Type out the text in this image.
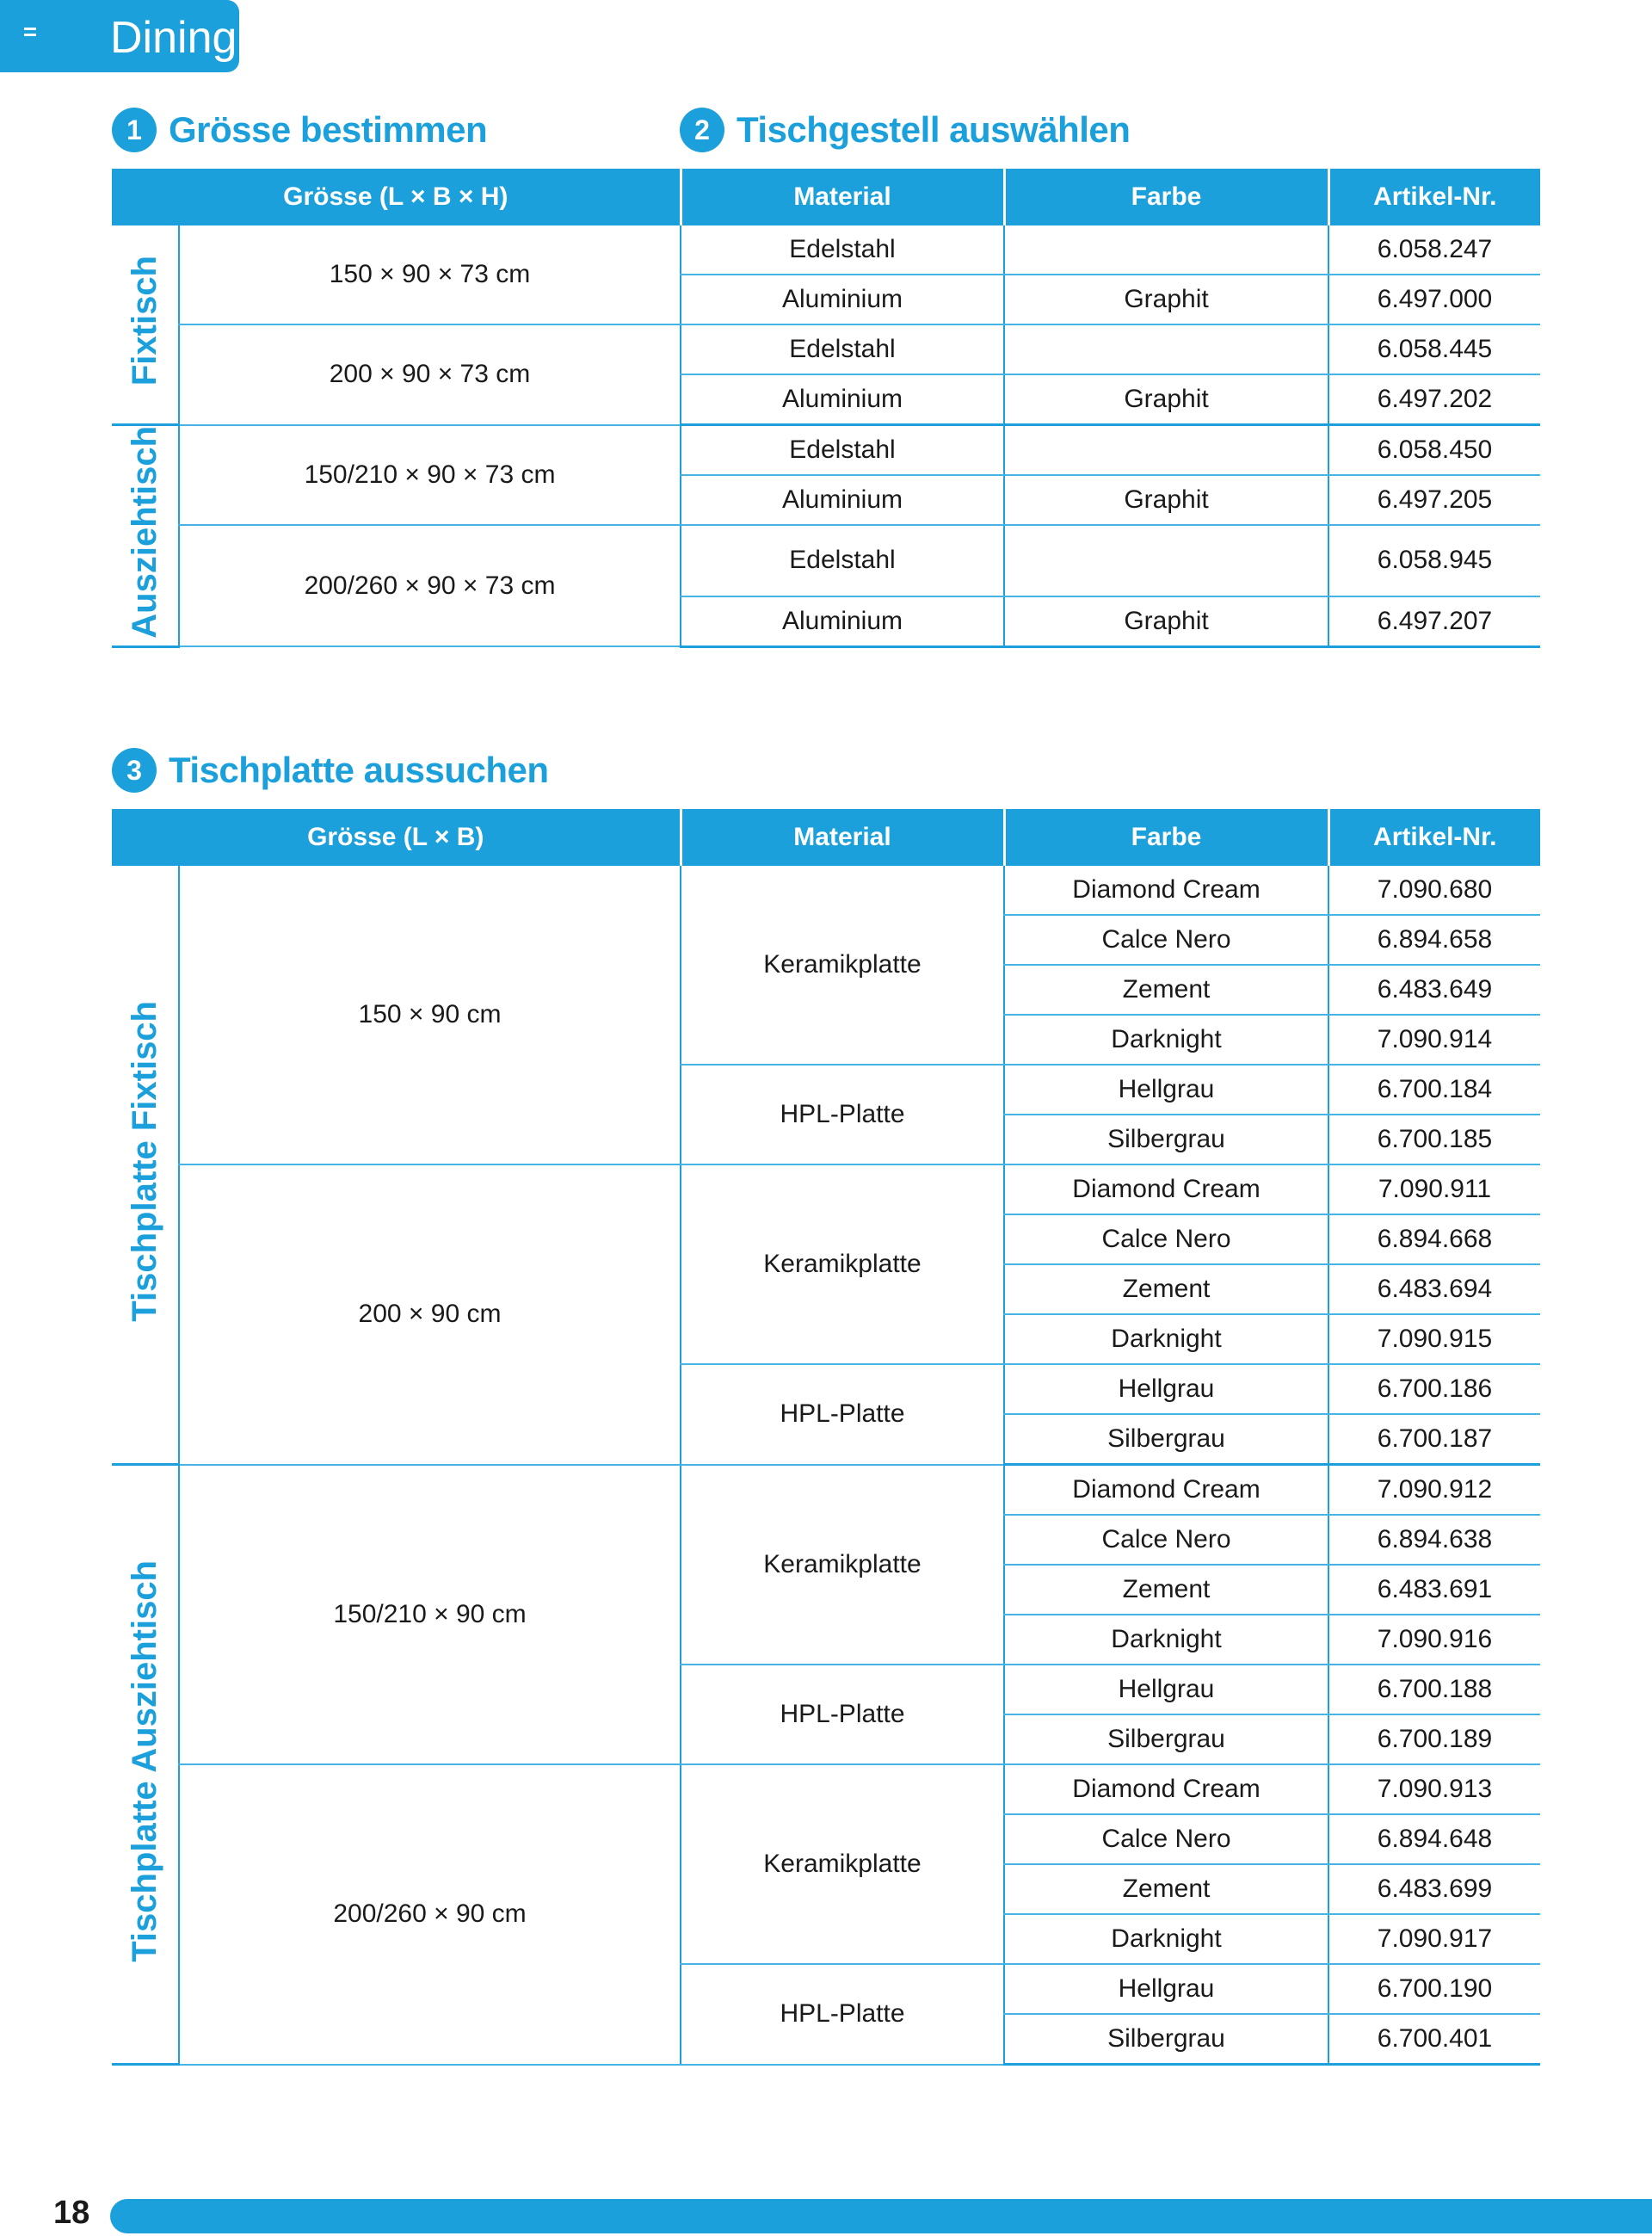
Dining
1 Grösse bestimmen	2 Tischgestell auswählen
Grösse (L × B × H)		Material	Farbe	Artikel-Nr.
Fixtisch	150 × 90 × 73 cm	Edelstahl		6.058.247
		Aluminium	Graphit	6.497.000
	200 × 90 × 73 cm	Edelstahl		6.058.445
		Aluminium	Graphit	6.497.202
Ausziehtisch	150/210 × 90 × 73 cm	Edelstahl		6.058.450
		Aluminium	Graphit	6.497.205
	200/260 × 90 × 73 cm	Edelstahl		6.058.945
		Aluminium	Graphit	6.497.207
3 Tischplatte aussuchen
Grösse (L × B)		Material	Farbe	Artikel-Nr.
Tischplatte Fixtisch	150 × 90 cm	Keramikplatte	Diamond Cream	7.090.680
			Calce Nero	6.894.658
			Zement	6.483.649
			Darknight	7.090.914
		HPL-Platte	Hellgrau	6.700.184
			Silbergrau	6.700.185
	200 × 90 cm	Keramikplatte	Diamond Cream	7.090.911
			Calce Nero	6.894.668
			Zement	6.483.694
			Darknight	7.090.915
		HPL-Platte	Hellgrau	6.700.186
			Silbergrau	6.700.187
Tischplatte Ausziehtisch	150/210 × 90 cm	Keramikplatte	Diamond Cream	7.090.912
			Calce Nero	6.894.638
			Zement	6.483.691
			Darknight	7.090.916
		HPL-Platte	Hellgrau	6.700.188
			Silbergrau	6.700.189
	200/260 × 90 cm	Keramikplatte	Diamond Cream	7.090.913
			Calce Nero	6.894.648
			Zement	6.483.699
			Darknight	7.090.917
		HPL-Platte	Hellgrau	6.700.190
			Silbergrau	6.700.401
18
